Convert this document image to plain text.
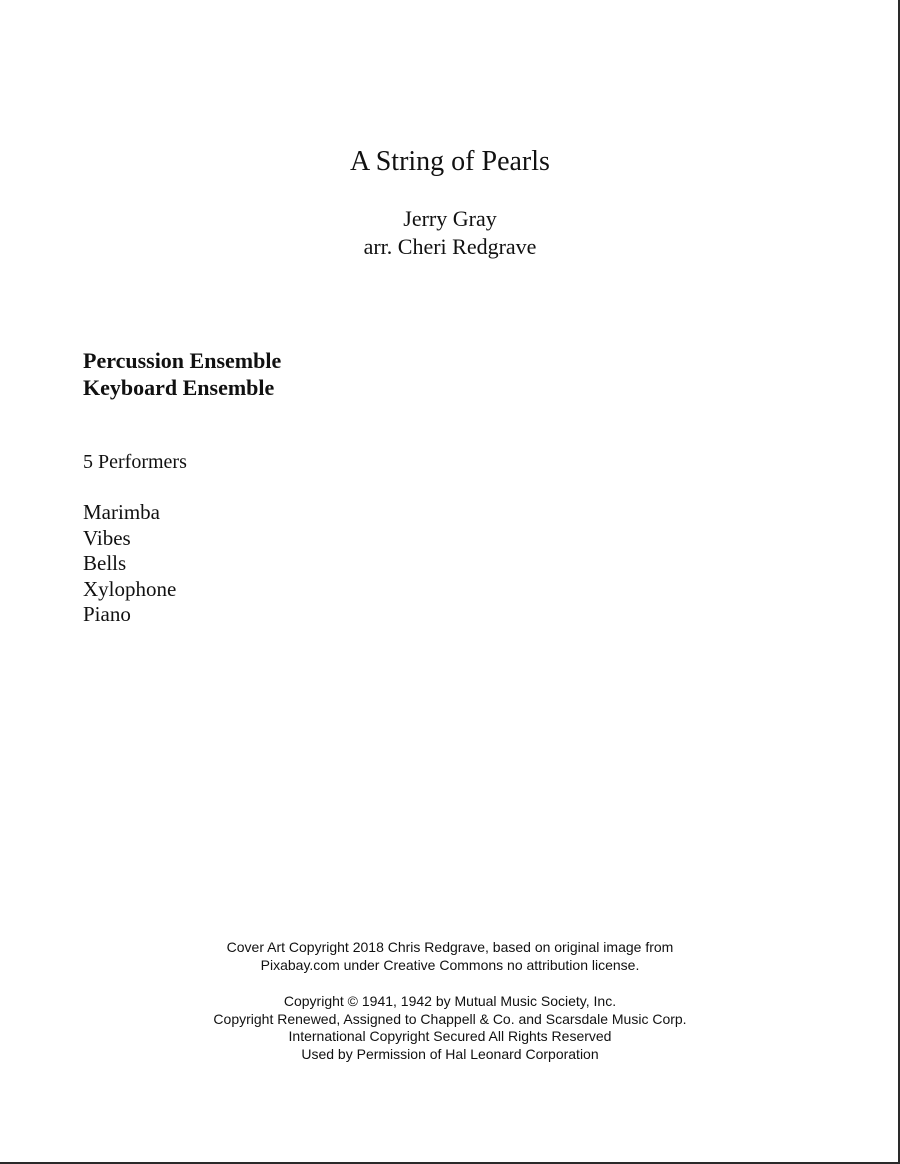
A String of Pearls
Jerry Gray
arr. Cheri Redgrave
Percussion Ensemble
Keyboard Ensemble
5 Performers
Marimba
Vibes
Bells
Xylophone
Piano
Cover Art Copyright 2018 Chris Redgrave, based on original image from
Pixabay.com under Creative Commons no attribution license.
Copyright © 1941, 1942 by Mutual Music Society, Inc.
Copyright Renewed, Assigned to Chappell & Co. and Scarsdale Music Corp.
International Copyright Secured All Rights Reserved
Used by Permission of Hal Leonard Corporation
